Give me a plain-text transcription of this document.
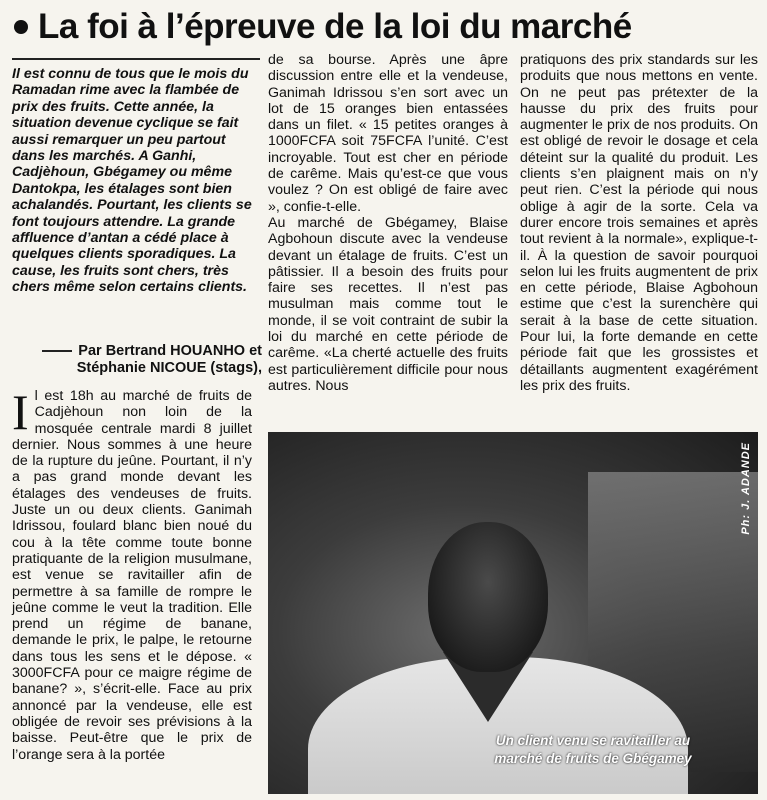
La foi à l’épreuve de la loi du marché
Il est connu de tous que le mois du Ramadan rime avec la flambée de prix des fruits. Cette année, la situation devenue cyclique se fait aussi remarquer un peu partout dans les marchés. A Ganhi, Cadjèhoun, Gbégamey ou même Dantokpa, les étalages sont bien achalandés. Pourtant, les clients se font toujours attendre. La grande affluence d’antan a cédé place à quelques clients sporadiques. La cause, les fruits sont chers, très chers même selon certains clients.

Par Bertrand HOUANHO et

Stéphanie NICOUE (stags),

I l est 18h au marché de fruits de Cadjèhoun non loin de la mosquée centrale mardi 8 juillet dernier. Nous sommes à une heure de la rupture du jeûne. Pourtant, il n’y a pas grand monde devant les étalages des vendeuses de fruits. Juste un ou deux clients. Ganimah Idrissou, foulard blanc bien noué du cou à la tête comme toute bonne pratiquante de la religion musulmane, est venue se ravitailler afin de permettre à sa famille de rompre le jeûne comme le veut la tradition. Elle prend un régime de banane, demande le prix, le palpe, le retourne dans tous les sens et le dépose. « 3000FCFA pour ce maigre régime de banane? », s’écrit-elle. Face au prix annoncé par la vendeuse, elle est obligée de revoir ses prévisions à la baisse. Peut-être que le prix de l’orange sera à la portée

de sa bourse. Après une âpre discussion entre elle et la vendeuse, Ganimah Idrissou s’en sort avec un lot de 15 oranges bien entassées dans un filet. « 15 petites oranges à 1000FCFA soit 75FCFA l’unité. C’est incroyable. Tout est cher en période de carême. Mais qu’est-ce que vous voulez ? On est obligé de faire avec », confie-t-elle.

Au marché de Gbégamey, Blaise Agbohoun discute avec la vendeuse devant un étalage de fruits. C’est un pâtissier. Il a besoin des fruits pour faire ses recettes. Il n’est pas musulman mais comme tout le monde, il se voit contraint de subir la loi du marché en cette période de carême. «La cherté actuelle des fruits est particulièrement difficile pour nous autres. Nous

pratiquons des prix standards sur les produits que nous mettons en vente. On ne peut pas prétexter de la hausse du prix des fruits pour augmenter le prix de nos produits. On est obligé de revoir le dosage et cela déteint sur la qualité du produit. Les clients s’en plaignent mais on n’y peut rien. C’est la période qui nous oblige à agir de la sorte. Cela va durer encore trois semaines et après tout revient à la normale», explique-t-il. À la question de savoir pourquoi selon lui les fruits augmentent de prix en cette période, Blaise Agbohoun estime que c’est la surenchère qui serait à la base de cette situation. Pour lui, la forte demande en cette période fait que les grossistes et détaillants augmentent exagérément les prix des fruits.

Ph: J. ADANDE
Un client venu se ravitailler au marché de fruits de Gbégamey
